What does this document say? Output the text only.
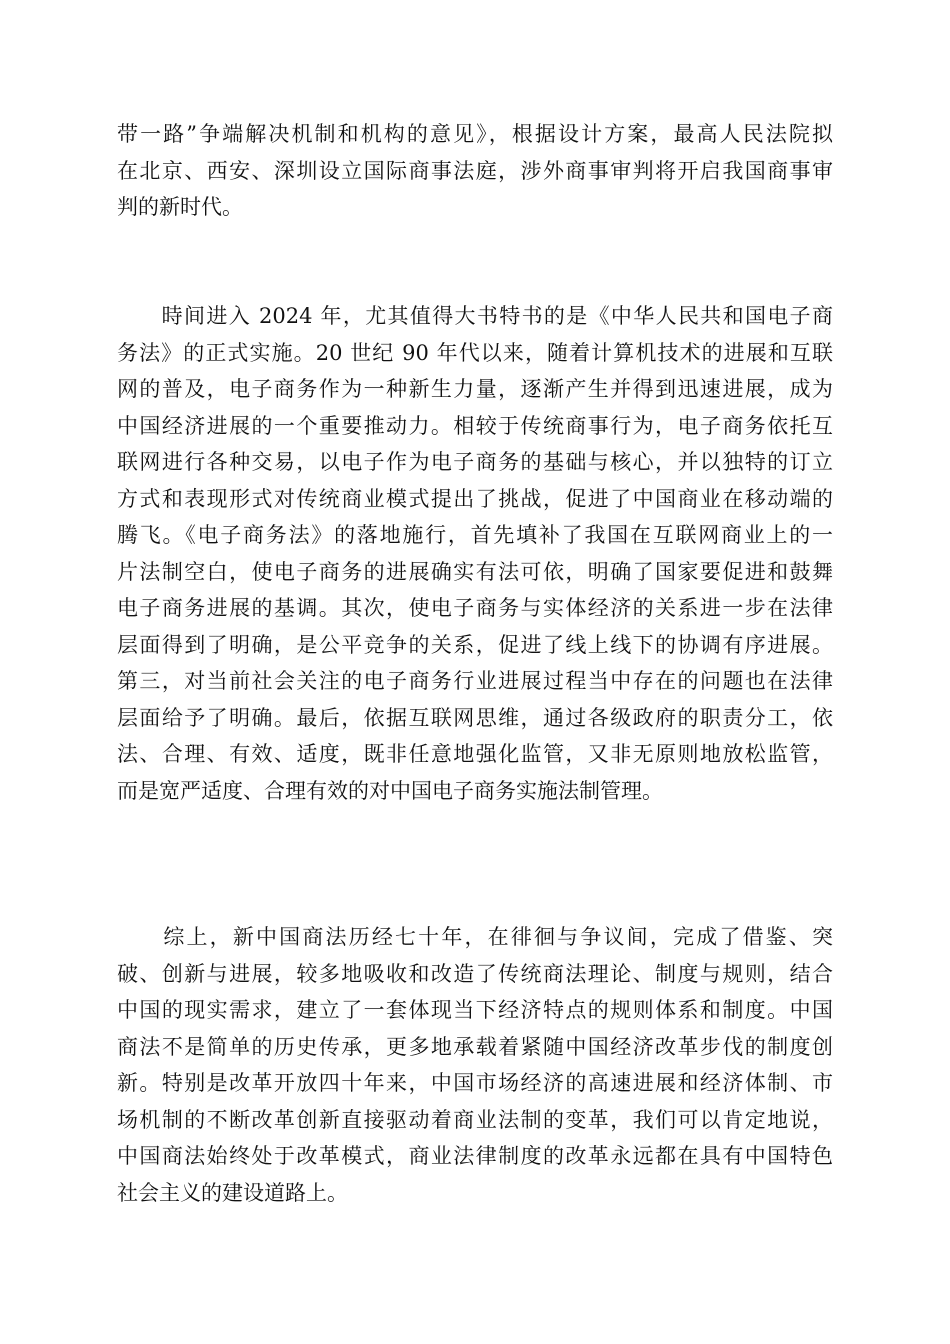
带一路”争端解决机制和机构的意见》，根据设计方案，最高人民法院拟
在北京、西安、深圳设立国际商事法庭，涉外商事审判将开启我国商事审
判的新时代。
　　時间进入 2024 年，尤其值得大书特书的是《中华人民共和国电子商
务法》的正式实施。20 世纪 90 年代以来，随着计算机技术的进展和互联
网的普及，电子商务作为一种新生力量，逐渐产生并得到迅速进展，成为
中国经济进展的一个重要推动力。相较于传统商事行为，电子商务依托互
联网进行各种交易，以电子作为电子商务的基础与核心，并以独特的订立
方式和表现形式对传统商业模式提出了挑战，促进了中国商业在移动端的
腾飞。《电子商务法》的落地施行，首先填补了我国在互联网商业上的一
片法制空白，使电子商务的进展确实有法可依，明确了国家要促进和鼓舞
电子商务进展的基调。其次，使电子商务与实体经济的关系进一步在法律
层面得到了明确，是公平竞争的关系，促进了线上线下的协调有序进展。
第三，对当前社会关注的电子商务行业进展过程当中存在的问题也在法律
层面给予了明确。最后，依据互联网思维，通过各级政府的职责分工，依
法、合理、有效、适度，既非任意地强化监管，又非无原则地放松监管，
而是宽严适度、合理有效的对中国电子商务实施法制管理。
　　综上，新中国商法历经七十年，在徘徊与争议间，完成了借鉴、突
破、创新与进展，较多地吸收和改造了传统商法理论、制度与规则，结合
中国的现实需求，建立了一套体现当下经济特点的规则体系和制度。中国
商法不是简单的历史传承，更多地承载着紧随中国经济改革步伐的制度创
新。特别是改革开放四十年来，中国市场经济的高速进展和经济体制、市
场机制的不断改革创新直接驱动着商业法制的变革，我们可以肯定地说，
中国商法始终处于改革模式，商业法律制度的改革永远都在具有中国特色
社会主义的建设道路上。
